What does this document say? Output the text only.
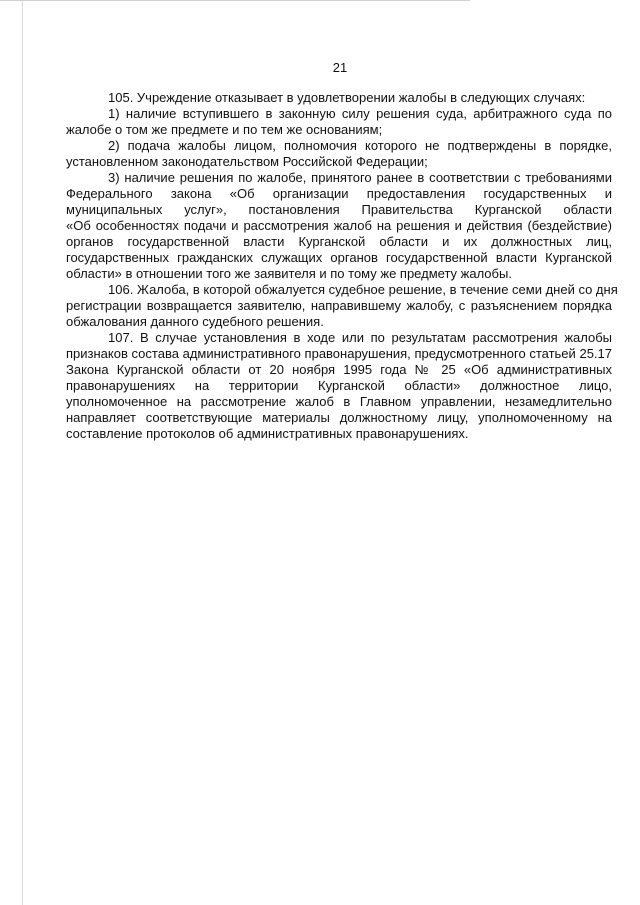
21
105. Учреждение отказывает в удовлетворении жалобы в следующих случаях:
1) наличие вступившего в законную силу решения суда, арбитражного суда по
жалобе о том же предмете и по тем же основаниям;
2) подача жалобы лицом, полномочия которого не подтверждены в порядке,
установленном законодательством Российской Федерации;
3) наличие решения по жалобе, принятого ранее в соответствии с требованиями
Федерального закона «Об организации предоставления государственных и
муниципальных услуг», постановления Правительства Курганской области
«Об особенностях подачи и рассмотрения жалоб на решения и действия (бездействие)
органов государственной власти Курганской области и их должностных лиц,
государственных гражданских служащих органов государственной власти Курганской
области» в отношении того же заявителя и по тому же предмету жалобы.
106. Жалоба, в которой обжалуется судебное решение, в течение семи дней со дня
регистрации возвращается заявителю, направившему жалобу, с разъяснением порядка
обжалования данного судебного решения.
107. В случае установления в ходе или по результатам рассмотрения жалобы
признаков состава административного правонарушения, предусмотренного статьей 25.17
Закона Курганской области от 20 ноября 1995 года № 25 «Об административных
правонарушениях на территории Курганской области» должностное лицо,
уполномоченное на рассмотрение жалоб в Главном управлении, незамедлительно
направляет соответствующие материалы должностному лицу, уполномоченному на
составление протоколов об административных правонарушениях.
